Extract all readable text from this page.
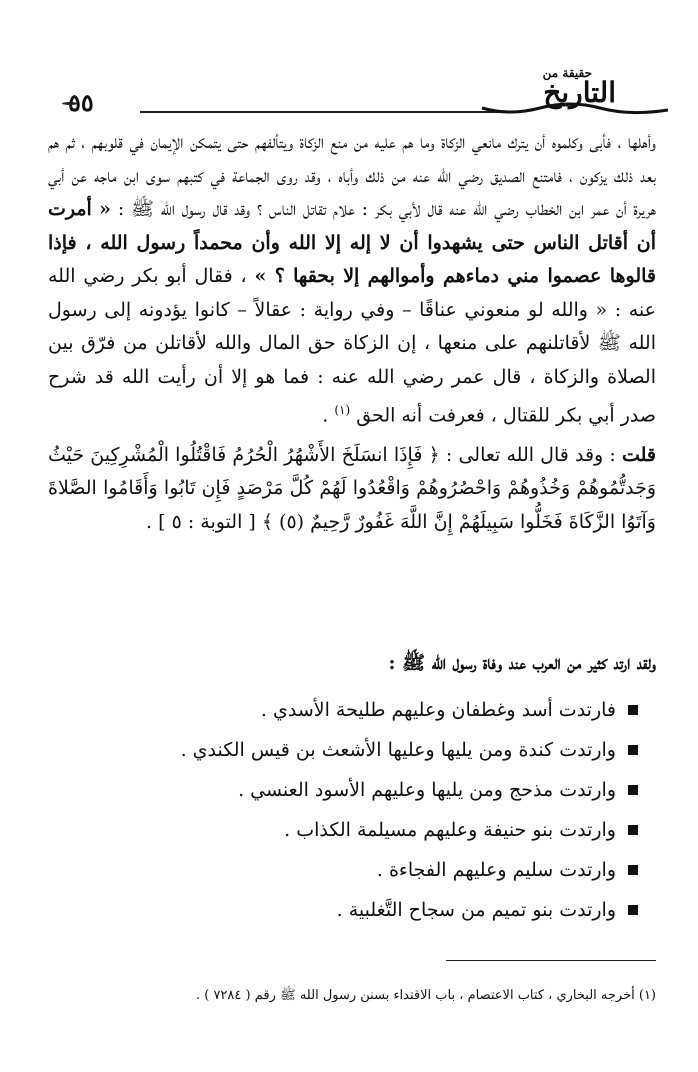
٥٥
حقيقة من
التاريخ

وأهلها ، فأبى وكلموه أن يترك مانعي الزكاة وما هم عليه من منع الزكاة ويتألفهم حتى يتمكن الإيمان في قلوبهم ، ثم هم بعد ذلك يزكون ، فامتنع الصديق رضي الله عنه من ذلك وأباه ، وقد روى الجماعة في كتبهم سوى ابن ماجه عن أبي هريرة أن عمر ابن الخطاب رضي الله عنه قال لأبي بكر : علام تقاتل الناس ؟ وقد قال رسول الله ﷺ : « أمرت أن أقاتل الناس حتى يشهدوا أن لا إله إلا الله وأن محمداً رسول الله ، فإذا قالوها عصموا مني دماءهم وأموالهم إلا بحقها ؟ » ، فقال أبو بكر رضي الله عنه : « والله لو منعوني عناقًا – وفي رواية : عقالاً – كانوا يؤدونه إلى رسول الله ﷺ لأقاتلنهم على منعها ، إن الزكاة حق المال والله لأقاتلن من فرّق بين الصلاة والزكاة ، قال عمر رضي الله عنه : فما هو إلا أن رأيت الله قد شرح صدر أبي بكر للقتال ، فعرفت أنه الحق $^{(١)}$ .

قلت : وقد قال الله تعالى : ﴿ فَإِذَا انسَلَخَ الأَشْهُرُ الْحُرُمُ فَاقْتُلُوا الْمُشْرِكِينَ حَيْثُ وَجَدتُّمُوهُمْ وَخُذُوهُمْ وَاحْصُرُوهُمْ وَاقْعُدُوا لَهُمْ كُلَّ مَرْصَدٍ فَإِن تَابُوا وَأَقَامُوا الصَّلاةَ وَآتَوُا الزَّكَاةَ فَخَلُّوا سَبِيلَهُمْ إِنَّ اللَّهَ غَفُورٌ رَّحِيمٌ (٥) ﴾ [ التوبة : ٥ ] .

ولقد ارتد كثير من العرب عند وفاة رسول الله ﷺ :
فارتدت أسد وغطفان وعليهم طليحة الأسدي .
وارتدت كندة ومن يليها وعليها الأشعث بن قيس الكندي .
وارتدت مذحج ومن يليها وعليهم الأسود العنسي .
وارتدت بنو حنيفة وعليهم مسيلمة الكذاب .
وارتدت سليم وعليهم الفجاءة .
وارتدت بنو تميم من سجاح التَّغلبية .
(١) أخرجه البخاري ، كتاب الاعتصام ، باب الاقتداء بسنن رسول الله ﷺ رقم ( ٧٢٨٤ ) .
